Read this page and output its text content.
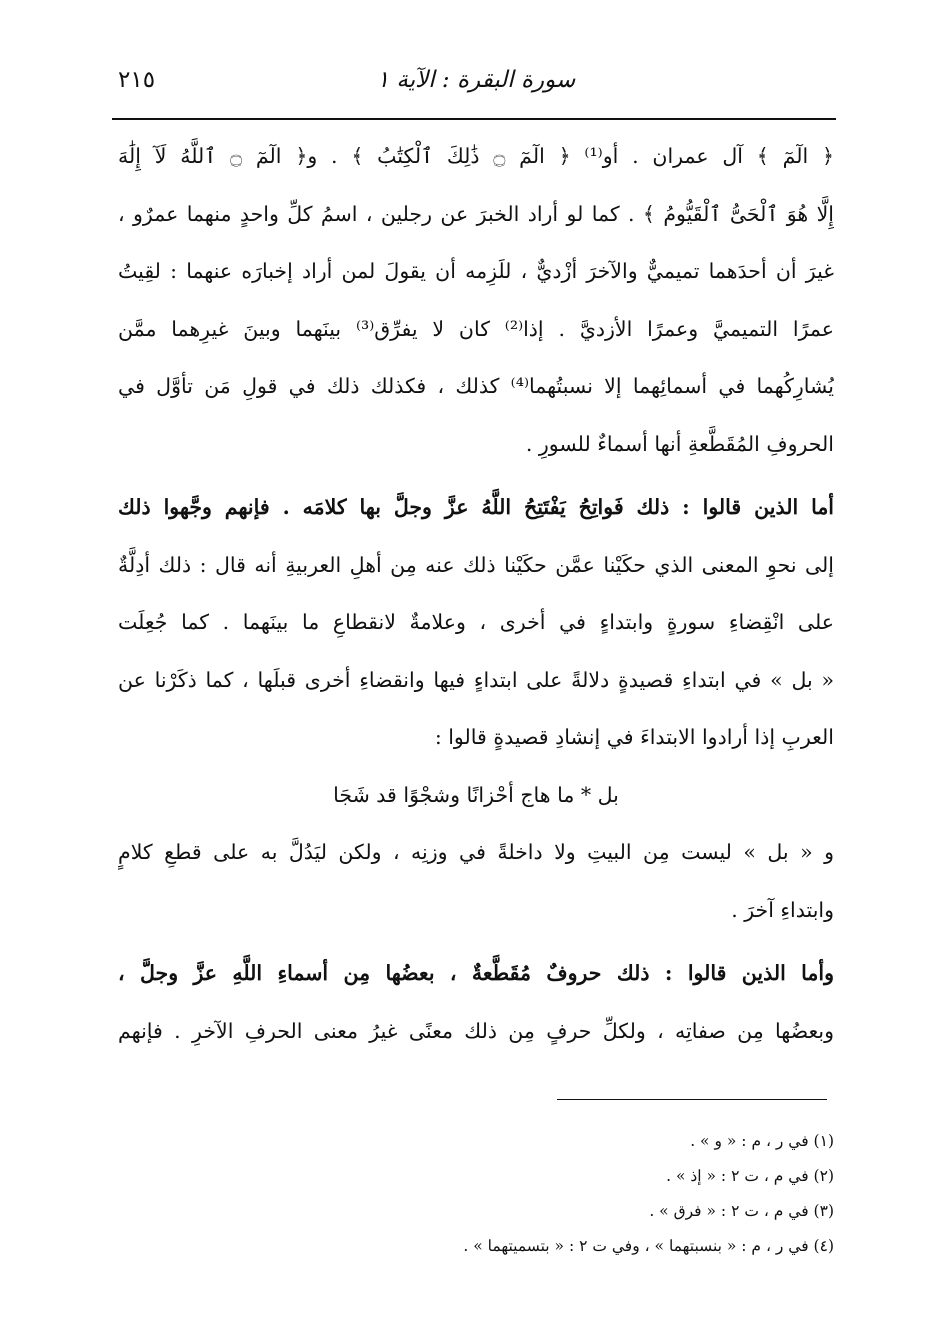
سورة البقرة : الآية ١
٢١٥
﴿ الٓمٓ ﴾ آل عمران . أو⁽¹⁾ ﴿ الٓمٓ ۝ ذَٰلِكَ ٱلْكِتَٰبُ ﴾ . و﴿ الٓمٓ ۝ ٱللَّهُ لَآ إِلَٰهَ
إِلَّا هُوَ ٱلْحَىُّ ٱلْقَيُّومُ ﴾ . كما لو أراد الخبرَ عن رجلين ، اسمُ كلِّ واحدٍ منهما عمرٌو ،
غيرَ أن أحدَهما تميميٌّ والآخرَ أزْديٌّ ، للَزِمه أن يقولَ لمن أراد إخبارَه عنهما : لقِيتُ
عمرًا التميميَّ وعمرًا الأزديَّ . إذا⁽²⁾ كان لا يفرِّق⁽³⁾ بينَهما وبينَ غيرِهما ممَّن
يُشارِكُهما في أسمائِهما إلا نسبتُهما⁽⁴⁾ كذلك ، فكذلك ذلك في قولِ مَن تأوَّل في
الحروفِ المُقَطَّعةِ أنها أسماءٌ للسورِ .
أما الذين قالوا : ذلك فَواتِحُ يَفْتَتِحُ اللَّهُ عزَّ وجلَّ بها كلامَه . فإنهم وجَّهوا ذلك
إلى نحوِ المعنى الذي حكَيْنا عمَّن حكَيْنا ذلك عنه مِن أهلِ العربيةِ أنه قال : ذلك أدِلَّةٌ
على انْقِضاءِ سورةٍ وابتداءٍ في أخرى ، وعلامةٌ لانقطاعِ ما بينَهما . كما جُعِلَت
« بل » في ابتداءِ قصيدةٍ دلالةً على ابتداءٍ فيها وانقضاءِ أخرى قبلَها ، كما ذكَرْنا عن
العربِ إذا أرادوا الابتداءَ في إنشادِ قصيدةٍ قالوا :
بل * ما هاج أحْزانًا وشجْوًا قد شَجَا
و « بل » ليست مِن البيتِ ولا داخلةً في وزنِه ، ولكن ليَدُلَّ به على قطعِ كلامٍ
وابتداءِ آخرَ .
وأما الذين قالوا : ذلك حروفٌ مُقَطَّعةٌ ، بعضُها مِن أسماءِ اللَّهِ عزَّ وجلَّ ،
وبعضُها مِن صفاتِه ، ولكلِّ حرفٍ مِن ذلك معنًى غيرُ معنى الحرفِ الآخرِ . فإنهم
(١) في ر ، م : « و » .
(٢) في م ، ت ٢ : « إذ » .
(٣) في م ، ت ٢ : « فرق » .
(٤) في ر ، م : « بنسبتهما » ، وفي ت ٢ : « بتسميتهما » .
